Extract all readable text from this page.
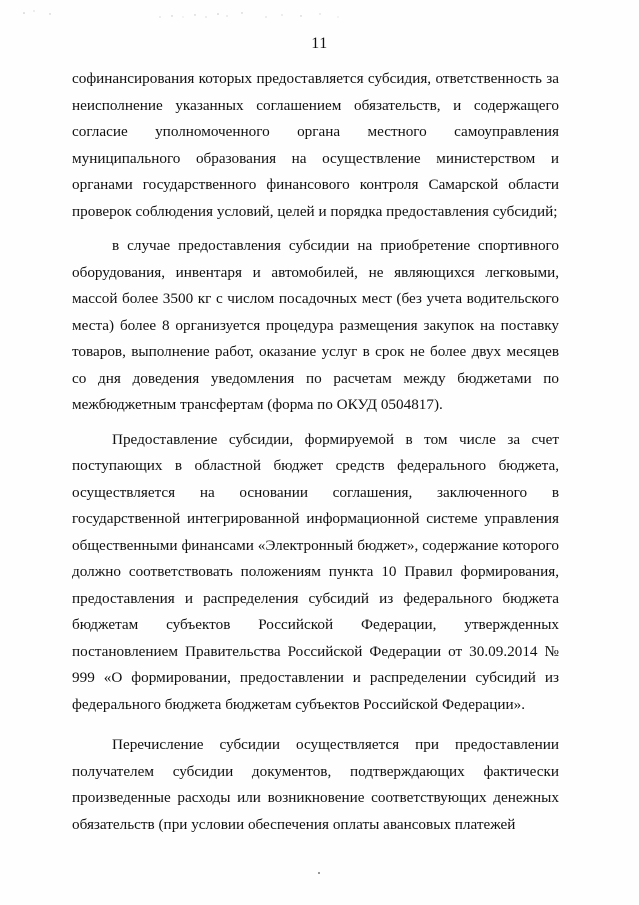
11

софинансирования которых предоставляется субсидия, ответственность за неисполнение указанных соглашением обязательств, и содержащего согласие уполномоченного органа местного самоуправления муниципального образования на осуществление министерством и органами государственного финансового контроля Самарской области проверок соблюдения условий, целей и порядка предоставления субсидий;

в случае предоставления субсидии на приобретение спортивного оборудования, инвентаря и автомобилей, не являющихся легковыми, массой более 3500 кг с числом посадочных мест (без учета водительского места) более 8 организуется процедура размещения закупок на поставку товаров, выполнение работ, оказание услуг в срок не более двух месяцев со дня доведения уведомления по расчетам между бюджетами по межбюджетным трансфертам (форма по ОКУД 0504817).

Предоставление субсидии, формируемой в том числе за счет поступающих в областной бюджет средств федерального бюджета, осуществляется на основании соглашения, заключенного в государственной интегрированной информационной системе управления общественными финансами «Электронный бюджет», содержание которого должно соответствовать положениям пункта 10 Правил формирования, предоставления и распределения субсидий из федерального бюджета бюджетам субъектов Российской Федерации, утвержденных постановлением Правительства Российской Федерации от 30.09.2014 № 999 «О формировании, предоставлении и распределении субсидий из федерального бюджета бюджетам субъектов Российской Федерации».

Перечисление субсидии осуществляется при предоставлении получателем субсидии документов, подтверждающих фактически произведенные расходы или возникновение соответствующих денежных обязательств (при условии обеспечения оплаты авансовых платежей
